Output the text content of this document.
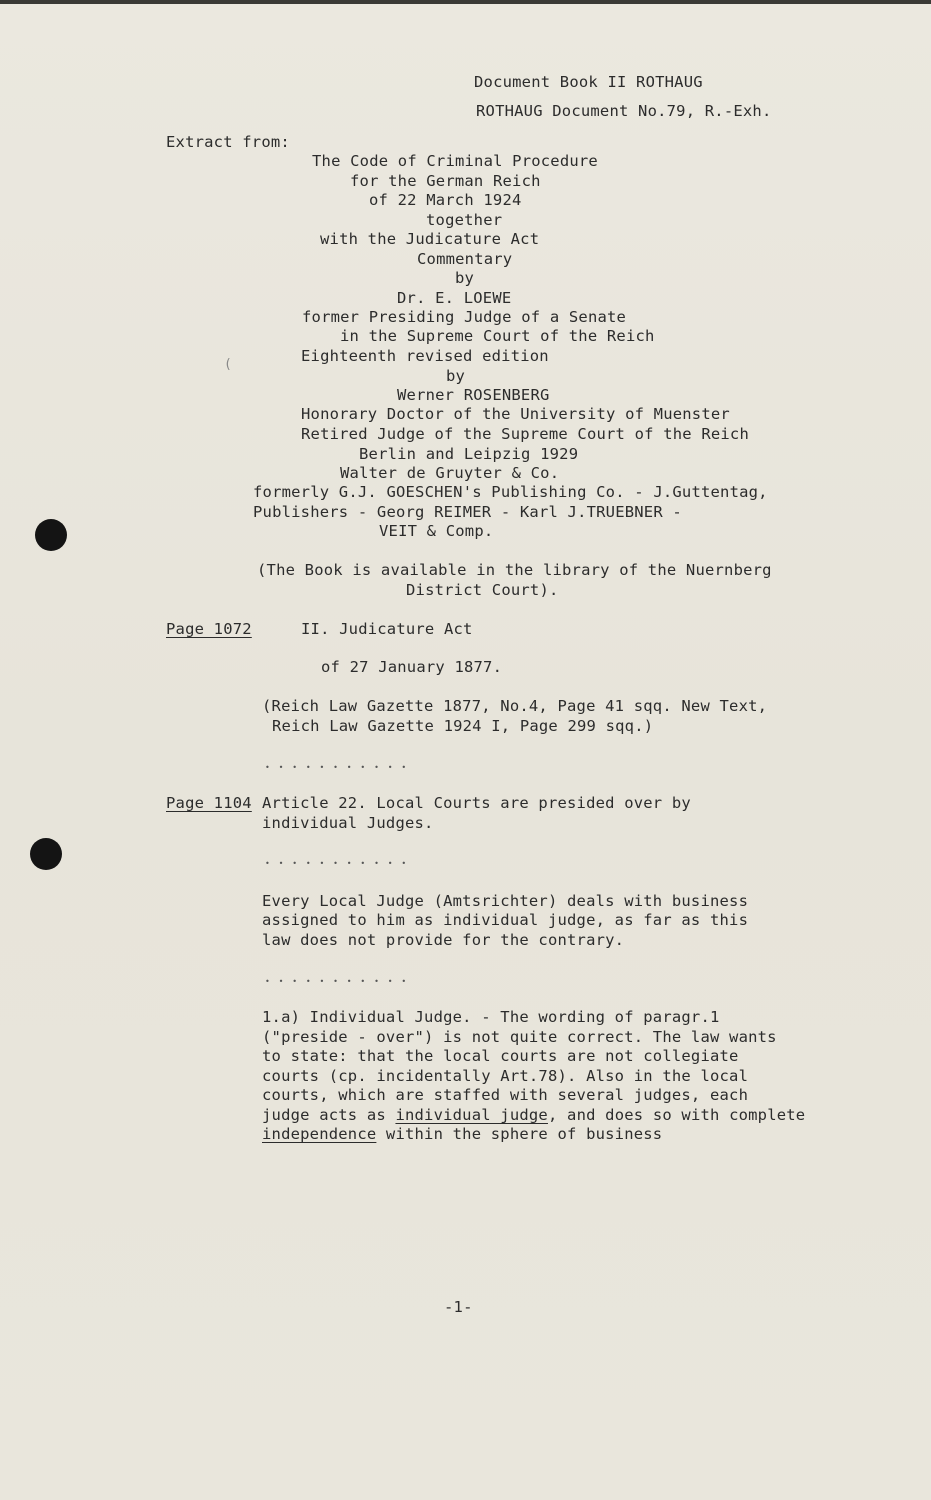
(
Document Book II ROTHAUG
ROTHAUG Document No.79, R.-Exh.
Extract from:
The Code of Criminal Procedure
for the German Reich
of 22 March 1924
together
with the Judicature Act
Commentary
by
Dr. E. LOEWE
former Presiding Judge of a Senate
in the Supreme Court of the Reich
Eighteenth revised edition
by
Werner ROSENBERG
Honorary Doctor of the University of Muenster
Retired Judge of the Supreme Court of the Reich
Berlin and Leipzig 1929
Walter de Gruyter & Co.
formerly G.J. GOESCHEN's Publishing Co. - J.Guttentag,
Publishers - Georg REIMER - Karl J.TRUEBNER -
VEIT & Comp.
(The Book is available in the library of the Nuernberg
District Court).
Page 1072	II. Judicature Act
of 27 January 1877.
(Reich Law Gazette 1877, No.4, Page 41 sqq. New Text,
Reich Law Gazette 1924 I, Page 299 sqq.)
• • • • • • • • • • •
Page 1104 Article 22. Local Courts are presided over by
individual Judges.
• • • • • • • • • • •
Every Local Judge (Amtsrichter) deals with business
assigned to him as individual judge, as far as this
law does not provide for the contrary.
• • • • • • • • • • •
1.a) Individual Judge. - The wording of paragr.1
("preside - over") is not quite correct. The law wants
to state: that the local courts are not collegiate
courts (cp. incidentally Art.78). Also in the local
courts, which are staffed with several judges, each
judge acts as individual judge, and does so with complete
independence within the sphere of business
-1-
